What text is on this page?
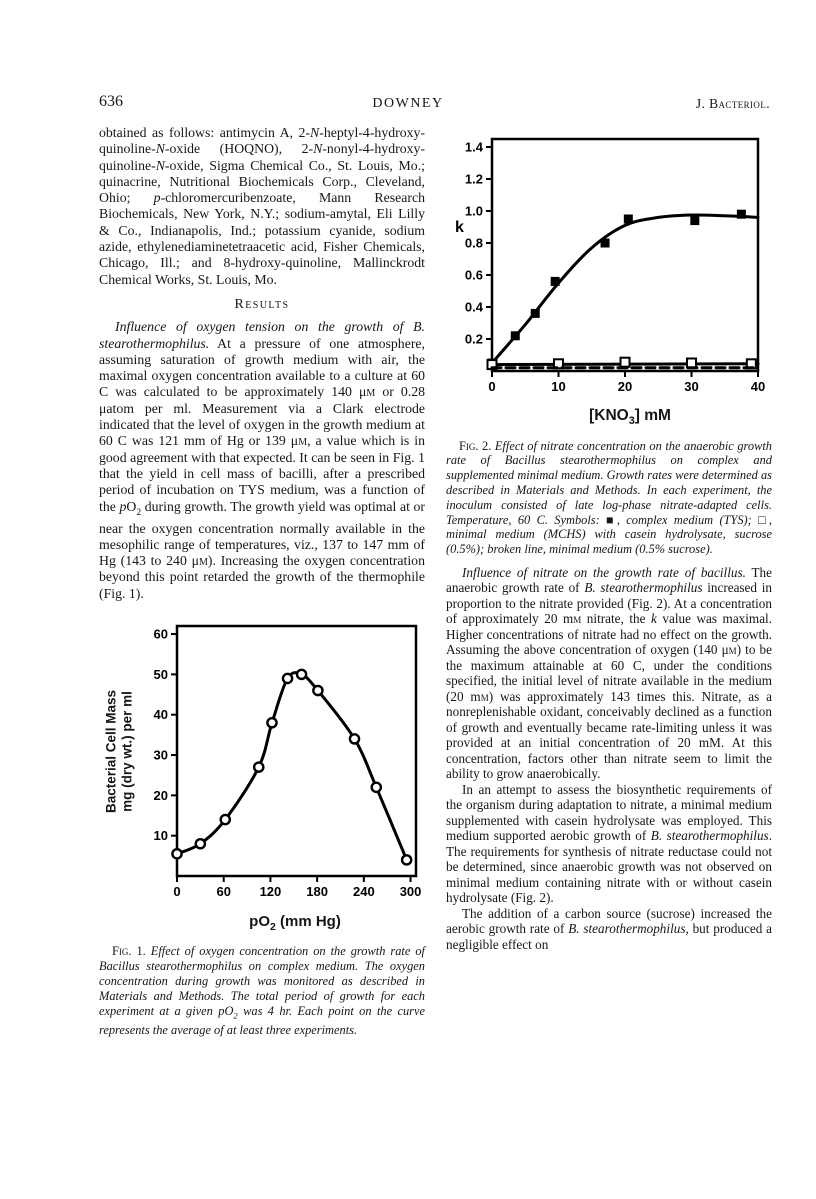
636	DOWNEY	J. Bacteriol.

obtained as follows: antimycin A, 2-N-heptyl-4-hydroxy-quinoline-N-oxide (HOQNO), 2-N-nonyl-4-hydroxy-quinoline-N-oxide, Sigma Chemical Co., St. Louis, Mo.; quinacrine, Nutritional Biochemicals Corp., Cleveland, Ohio; p-chloromercuribenzoate, Mann Research Biochemicals, New York, N.Y.; sodium-amytal, Eli Lilly & Co., Indianapolis, Ind.; potassium cyanide, sodium azide, ethylenediaminetetraacetic acid, Fisher Chemicals, Chicago, Ill.; and 8-hydroxy-quinoline, Mallinckrodt Chemical Works, St. Louis, Mo.

Results

Influence of oxygen tension on the growth of B. stearothermophilus. At a pressure of one atmosphere, assuming saturation of growth medium with air, the maximal oxygen concentration available to a culture at 60 C was calculated to be approximately 140 μm or 0.28 μatom per ml. Measurement via a Clark electrode indicated that the level of oxygen in the growth medium at 60 C was 121 mm of Hg or 139 μm, a value which is in good agreement with that expected. It can be seen in Fig. 1 that the yield in cell mass of bacilli, after a prescribed period of incubation on TYS medium, was a function of the $pO_2$ during growth. The growth yield was optimal at or near the oxygen concentration normally available in the mesophilic range of temperatures, viz., 137 to 147 mm of Hg (143 to 240 μm). Increasing the oxygen concentration beyond this point retarded the growth of the thermophile (Fig. 1).

Bacterial Cell Mass
mg (dry wt.) per ml
0	60 120 180 240 300
10
20
30
40
50
60
$pO_2$ (mm Hg)
Fig. 1. Effect of oxygen concentration on the growth rate of Bacillus stearothermophilus on complex medium. The oxygen concentration during growth was monitored as described in Materials and Methods. The total period of growth for each experiment at a given $pO_2$ was 4 hr. Each point on the curve represents the average of at least three experiments.
0	10	20	30	40
0.2
0.4
0.6
0.8
1.0
1.2
1.4
k
$[KNO_3]$ mM
Fig. 2. Effect of nitrate concentration on the anaerobic growth rate of Bacillus stearothermophilus on complex and supplemented minimal medium. Growth rates were determined as described in Materials and Methods. In each experiment, the inoculum consisted of late log-phase nitrate-adapted cells. Temperature, 60 C. Symbols: ■, complex medium (TYS); □, minimal medium (MCHS) with casein hydrolysate, sucrose (0.5%); broken line, minimal medium (0.5% sucrose).

Influence of nitrate on the growth rate of bacillus. The anaerobic growth rate of B. stearothermophilus increased in proportion to the nitrate provided (Fig. 2). At a concentration of approximately 20 mm nitrate, the k value was maximal. Higher concentrations of nitrate had no effect on the growth. Assuming the above concentration of oxygen (140 μm) to be the maximum attainable at 60 C, under the conditions specified, the initial level of nitrate available in the medium (20 mm) was approximately 143 times this. Nitrate, as a nonreplenishable oxidant, conceivably declined as a function of growth and eventually became rate-limiting unless it was provided at an initial concentration of 20 mM. At this concentration, factors other than nitrate seem to limit the ability to grow anaerobically.

In an attempt to assess the biosynthetic requirements of the organism during adaptation to nitrate, a minimal medium supplemented with casein hydrolysate was employed. This medium supported aerobic growth of B. stearothermophilus. The requirements for synthesis of nitrate reductase could not be determined, since anaerobic growth was not observed on minimal medium containing nitrate with or without casein hydrolysate (Fig. 2).

The addition of a carbon source (sucrose) increased the aerobic growth rate of B. stearothermophilus, but produced a negligible effect on
